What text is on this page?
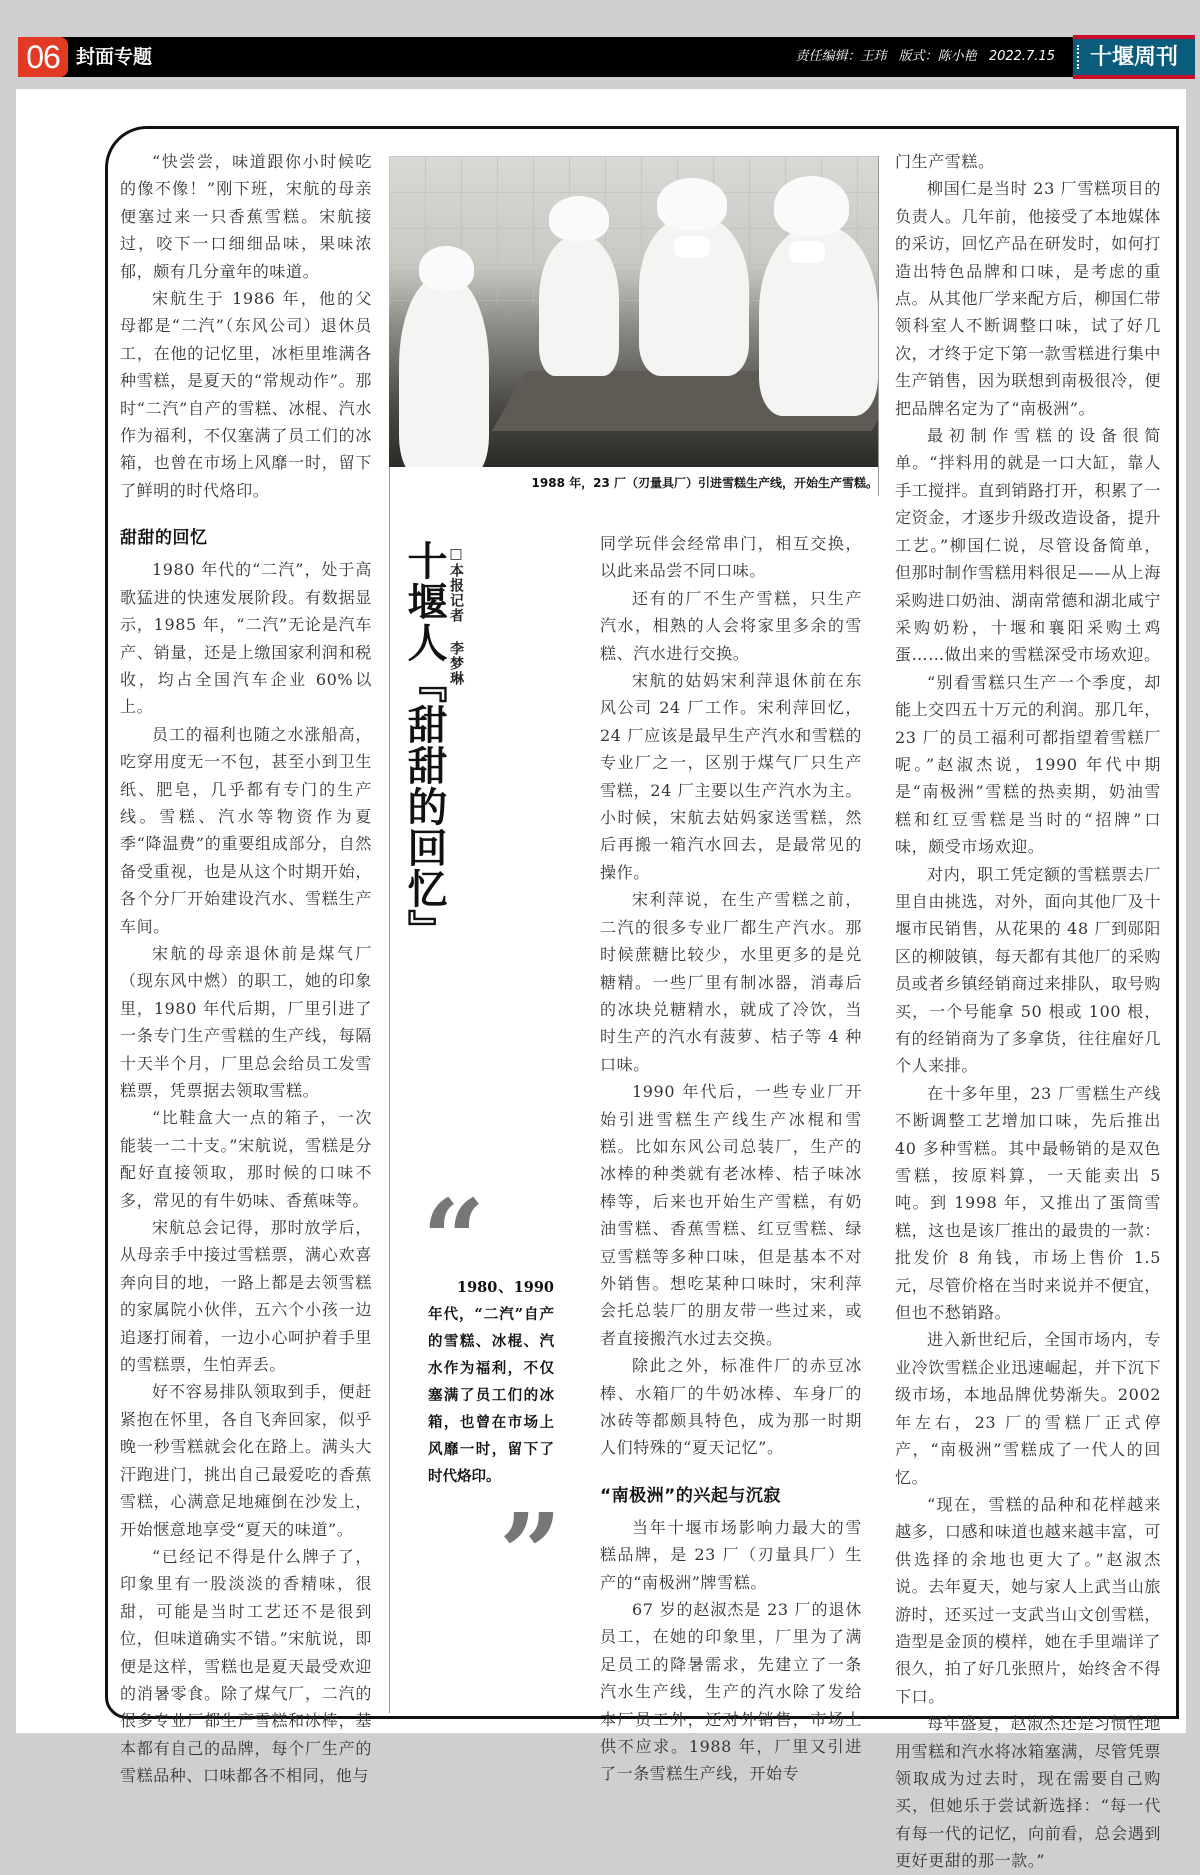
06 封面专题	责任编辑：王玮 版式：陈小艳 2022.7.15	十堰周刊
1988 年，23 厂（刃量具厂）引进雪糕生产线，开始生产雪糕。
十堰人『甜甜的回忆』 □本报记者 李梦琳
“
1980、1990年代，“二汽”自产的雪糕、冰棍、汽水作为福利，不仅塞满了员工们的冰箱，也曾在市场上风靡一时，留下了时代烙印。
”

“快尝尝，味道跟你小时候吃的像不像！”刚下班，宋航的母亲便塞过来一只香蕉雪糕。宋航接过，咬下一口细细品味，果味浓郁，颇有几分童年的味道。

宋航生于 1986 年，他的父母都是“二汽”（东风公司）退休员工，在他的记忆里，冰柜里堆满各种雪糕，是夏天的“常规动作”。那时“二汽”自产的雪糕、冰棍、汽水作为福利，不仅塞满了员工们的冰箱，也曾在市场上风靡一时，留下了鲜明的时代烙印。

甜甜的回忆

1980 年代的“二汽”，处于高歌猛进的快速发展阶段。有数据显示，1985 年，“二汽”无论是汽车产、销量，还是上缴国家利润和税收，均占全国汽车企业 60%以上。

员工的福利也随之水涨船高，吃穿用度无一不包，甚至小到卫生纸、肥皂，几乎都有专门的生产线。雪糕、汽水等物资作为夏季“降温费”的重要组成部分，自然备受重视，也是从这个时期开始，各个分厂开始建设汽水、雪糕生产车间。

宋航的母亲退休前是煤气厂（现东风中燃）的职工，她的印象里，1980 年代后期，厂里引进了一条专门生产雪糕的生产线，每隔十天半个月，厂里总会给员工发雪糕票，凭票据去领取雪糕。

“比鞋盒大一点的箱子，一次能装一二十支。”宋航说，雪糕是分配好直接领取，那时候的口味不多，常见的有牛奶味、香蕉味等。

宋航总会记得，那时放学后，从母亲手中接过雪糕票，满心欢喜奔向目的地，一路上都是去领雪糕的家属院小伙伴，五六个小孩一边追逐打闹着，一边小心呵护着手里的雪糕票，生怕弄丢。

好不容易排队领取到手，便赶紧抱在怀里，各自飞奔回家，似乎晚一秒雪糕就会化在路上。满头大汗跑进门，挑出自己最爱吃的香蕉雪糕，心满意足地瘫倒在沙发上，开始惬意地享受“夏天的味道”。

“已经记不得是什么牌子了，印象里有一股淡淡的香精味，很甜，可能是当时工艺还不是很到位，但味道确实不错。”宋航说，即便是这样，雪糕也是夏天最受欢迎的消暑零食。除了煤气厂，二汽的很多专业厂都生产雪糕和冰棒，基本都有自己的品牌，每个厂生产的雪糕品种、口味都各不相同，他与

同学玩伴会经常串门，相互交换，以此来品尝不同口味。

还有的厂不生产雪糕，只生产汽水，相熟的人会将家里多余的雪糕、汽水进行交换。

宋航的姑妈宋利萍退休前在东风公司 24 厂工作。宋利萍回忆，24 厂应该是最早生产汽水和雪糕的专业厂之一，区别于煤气厂只生产雪糕，24 厂主要以生产汽水为主。小时候，宋航去姑妈家送雪糕，然后再搬一箱汽水回去，是最常见的操作。

宋利萍说，在生产雪糕之前，二汽的很多专业厂都生产汽水。那时候蔗糖比较少，水里更多的是兑糖精。一些厂里有制冰器，消毒后的冰块兑糖精水，就成了冷饮，当时生产的汽水有菠萝、桔子等 4 种口味。

1990 年代后，一些专业厂开始引进雪糕生产线生产冰棍和雪糕。比如东风公司总装厂，生产的冰棒的种类就有老冰棒、桔子味冰棒等，后来也开始生产雪糕，有奶油雪糕、香蕉雪糕、红豆雪糕、绿豆雪糕等多种口味，但是基本不对外销售。想吃某种口味时，宋利萍会托总装厂的朋友带一些过来，或者直接搬汽水过去交换。

除此之外，标准件厂的赤豆冰棒、水箱厂的牛奶冰棒、车身厂的冰砖等都颇具特色，成为那一时期人们特殊的“夏天记忆”。

“南极洲”的兴起与沉寂

当年十堰市场影响力最大的雪糕品牌，是 23 厂（刃量具厂）生产的“南极洲”牌雪糕。

67 岁的赵淑杰是 23 厂的退休员工，在她的印象里，厂里为了满足员工的降暑需求，先建立了一条汽水生产线，生产的汽水除了发给本厂员工外，还对外销售，市场上供不应求。1988 年，厂里又引进了一条雪糕生产线，开始专

门生产雪糕。

柳国仁是当时 23 厂雪糕项目的负责人。几年前，他接受了本地媒体的采访，回忆产品在研发时，如何打造出特色品牌和口味，是考虑的重点。从其他厂学来配方后，柳国仁带领科室人不断调整口味，试了好几次，才终于定下第一款雪糕进行集中生产销售，因为联想到南极很冷，便把品牌名定为了“南极洲”。

最初制作雪糕的设备很简单。“拌料用的就是一口大缸，靠人手工搅拌。直到销路打开，积累了一定资金，才逐步升级改造设备，提升工艺。”柳国仁说，尽管设备简单，但那时制作雪糕用料很足——从上海采购进口奶油、湖南常德和湖北咸宁采购奶粉，十堰和襄阳采购土鸡蛋……做出来的雪糕深受市场欢迎。

“别看雪糕只生产一个季度，却能上交四五十万元的利润。那几年，23 厂的员工福利可都指望着雪糕厂呢。”赵淑杰说，1990 年代中期是“南极洲”雪糕的热卖期，奶油雪糕和红豆雪糕是当时的“招牌”口味，颇受市场欢迎。

对内，职工凭定额的雪糕票去厂里自由挑选，对外，面向其他厂及十堰市民销售，从花果的 48 厂到郧阳区的柳陂镇，每天都有其他厂的采购员或者乡镇经销商过来排队，取号购买，一个号能拿 50 根或 100 根，有的经销商为了多拿货，往往雇好几个人来排。

在十多年里，23 厂雪糕生产线不断调整工艺增加口味，先后推出 40 多种雪糕。其中最畅销的是双色雪糕，按原料算，一天能卖出 5 吨。到 1998 年，又推出了蛋筒雪糕，这也是该厂推出的最贵的一款：批发价 8 角钱，市场上售价 1.5 元，尽管价格在当时来说并不便宜，但也不愁销路。

进入新世纪后，全国市场内，专业冷饮雪糕企业迅速崛起，并下沉下级市场，本地品牌优势渐失。2002 年左右，23 厂的雪糕厂正式停产，“南极洲”雪糕成了一代人的回忆。

“现在，雪糕的品种和花样越来越多，口感和味道也越来越丰富，可供选择的余地也更大了。”赵淑杰说。去年夏天，她与家人上武当山旅游时，还买过一支武当山文创雪糕，造型是金顶的模样，她在手里端详了很久，拍了好几张照片，始终舍不得下口。

每年盛夏，赵淑杰还是习惯性地用雪糕和汽水将冰箱塞满，尽管凭票领取成为过去时，现在需要自己购买，但她乐于尝试新选择：“每一代有每一代的记忆，向前看，总会遇到更好更甜的那一款。”
